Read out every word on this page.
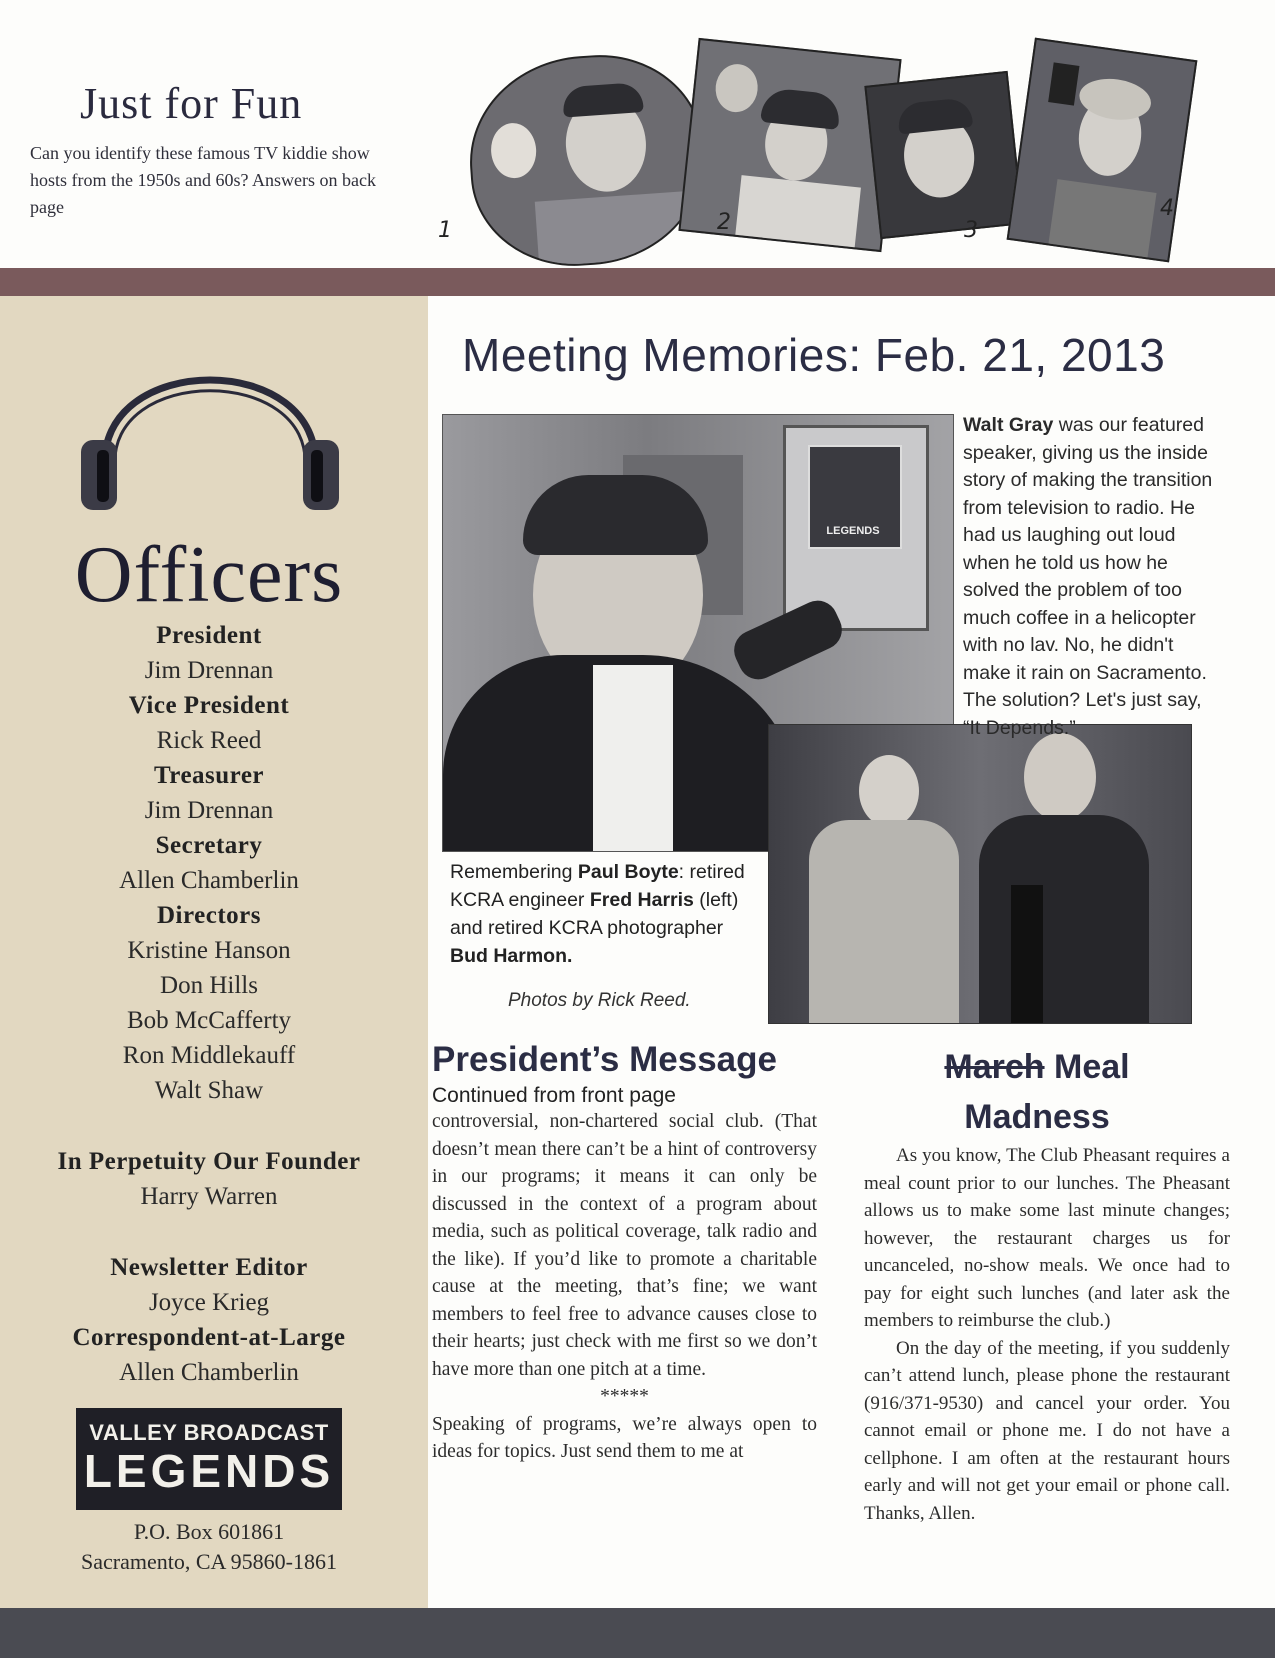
Just for Fun
Can you identify these famous TV kiddie show hosts from the 1950s and 60s? Answers on back page
1	2	3
4
Officers
President
Jim Drennan
Vice President
Rick Reed
Treasurer
Jim Drennan
Secretary
Allen Chamberlin
Directors
Kristine Hanson
Don Hills
Bob McCafferty
Ron Middlekauff
Walt Shaw
In Perpetuity Our Founder
Harry Warren
Newsletter Editor
Joyce Krieg
Correspondent-at-Large
Allen Chamberlin
VALLEY BROADCAST
LEGENDS
P.O. Box 601861
Sacramento, CA 95860-1861
Meeting Memories: Feb. 21, 2013
LEGENDS
Walt Gray was our featured speaker, giving us the inside story of making the transition from television to radio. He had us laughing out loud when he told us how he solved the problem of too much coffee in a helicopter with no lav. No, he didn't make it rain on Sacramento. The solution? Let's just say, “It Depends.”
Remembering Paul Boyte: retired KCRA engineer Fred Harris (left) and retired KCRA photographer Bud Harmon.
Photos by Rick Reed.
President’s Message
Continued from front page

controversial, non-chartered social club. (That doesn’t mean there can’t be a hint of controversy in our programs; it means it can only be discussed in the context of a program about media, such as political coverage, talk radio and the like). If you’d like to promote a charitable cause at the meeting, that’s fine; we want members to feel free to advance causes close to their hearts; just check with me first so we don’t have more than one pitch at a time.

*****

Speaking of programs, we’re always open to ideas for topics. Just send them to me at

March Meal
Madness

As you know, The Club Pheasant requires a meal count prior to our lunches. The Pheasant allows us to make some last minute changes; however, the restaurant charges us for uncanceled, no-show meals. We once had to pay for eight such lunches (and later ask the members to reimburse the club.)

On the day of the meeting, if you suddenly can’t attend lunch, please phone the restaurant (916/371-9530) and cancel your order. You cannot email or phone me. I do not have a cellphone. I am often at the restaurant hours early and will not get your email or phone call. Thanks, Allen.
